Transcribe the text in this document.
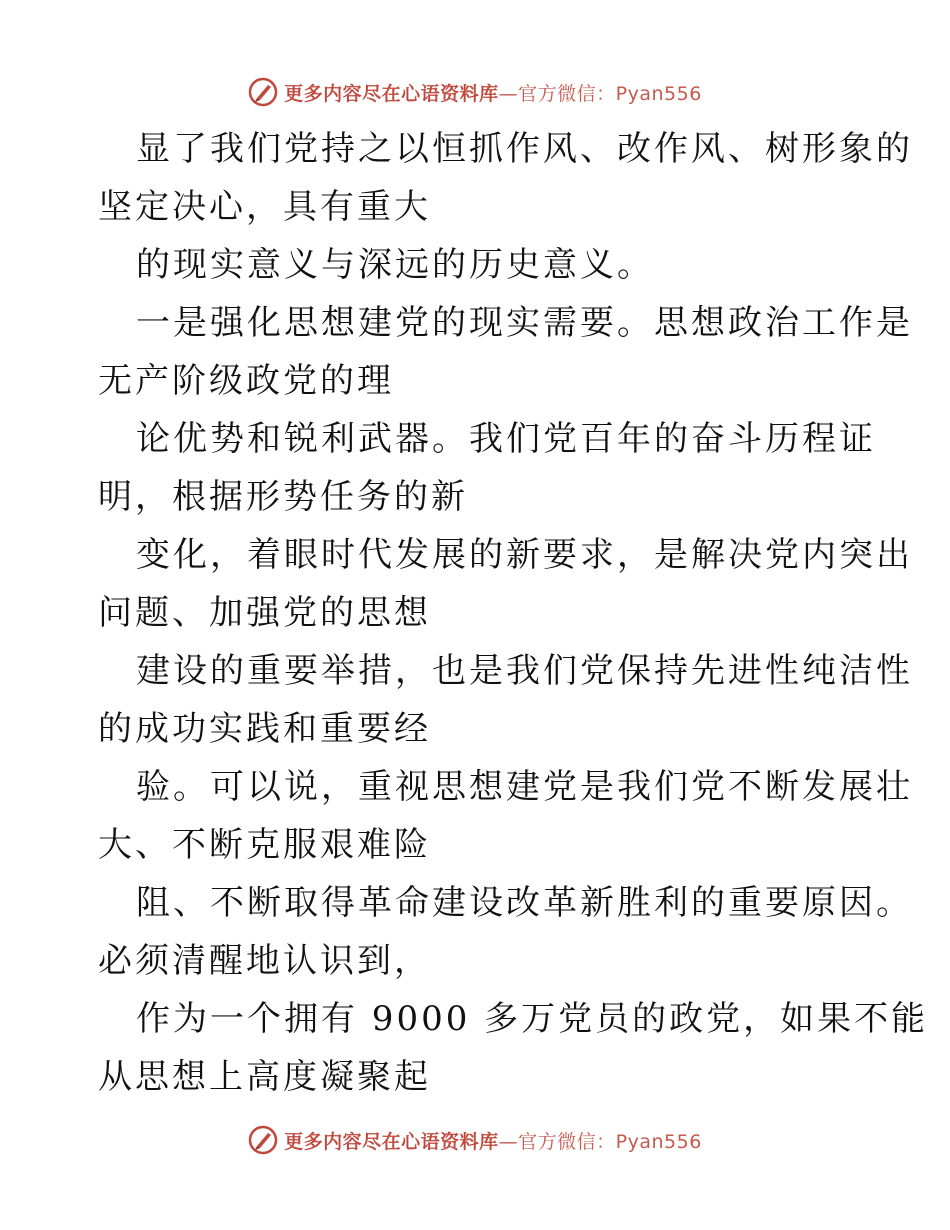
更多内容尽在心语资料库—官方微信：Pyan556
显了我们党持之以恒抓作风、改作风、树形象的
坚定决心，具有重大
的现实意义与深远的历史意义。
一是强化思想建党的现实需要。思想政治工作是
无产阶级政党的理
论优势和锐利武器。我们党百年的奋斗历程证
明，根据形势任务的新
变化，着眼时代发展的新要求，是解决党内突出
问题、加强党的思想
建设的重要举措，也是我们党保持先进性纯洁性
的成功实践和重要经
验。可以说，重视思想建党是我们党不断发展壮
大、不断克服艰难险
阻、不断取得革命建设改革新胜利的重要原因。
必须清醒地认识到，
作为一个拥有 9000 多万党员的政党，如果不能
从思想上高度凝聚起
更多内容尽在心语资料库—官方微信：Pyan556
